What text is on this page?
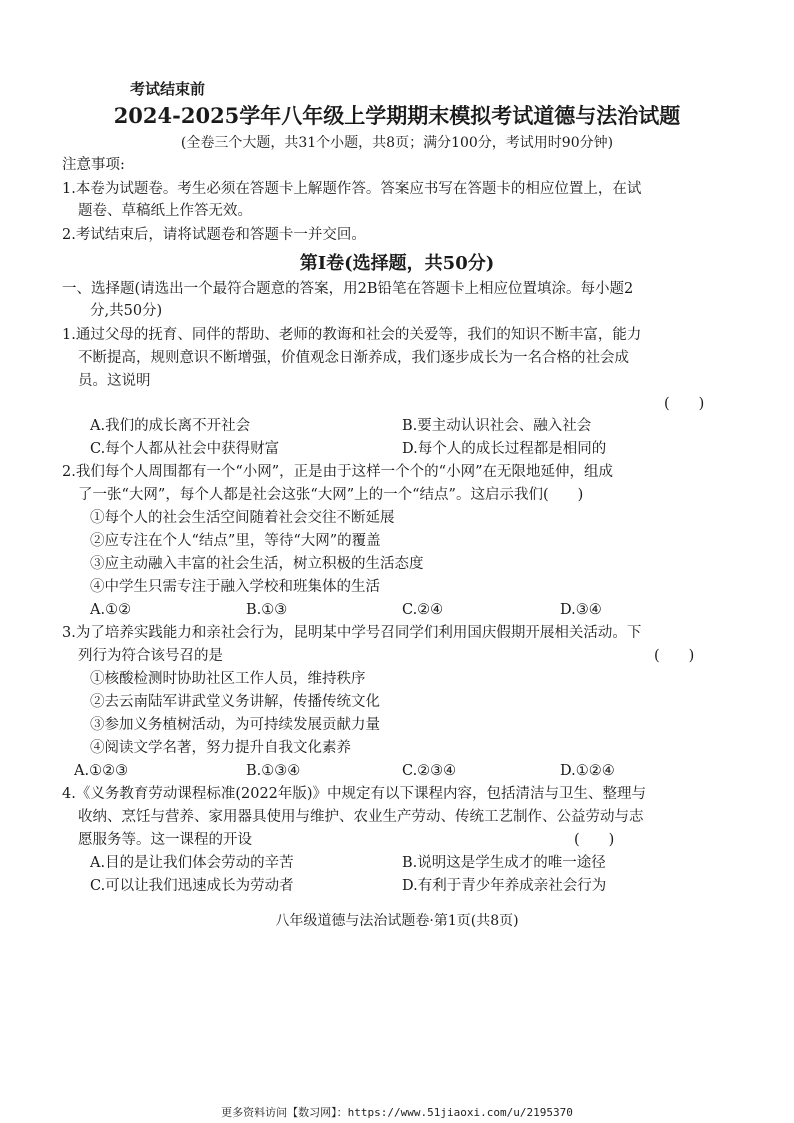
考试结束前
2024-2025学年八年级上学期期末模拟考试道德与法治试题
(全卷三个大题，共31个小题，共8页；满分100分，考试用时90分钟)
注意事项:
1.本卷为试题卷。考生必须在答题卡上解题作答。答案应书写在答题卡的相应位置上，在试
题卷、草稿纸上作答无效。
2.考试结束后，请将试题卷和答题卡一并交回。
第Ⅰ卷(选择题，共50分)
一、选择题(请选出一个最符合题意的答案，用2B铅笔在答题卡上相应位置填涂。每小题2
分,共50分)
1.通过父母的抚育、同伴的帮助、老师的教诲和社会的关爱等，我们的知识不断丰富，能力
不断提高，规则意识不断增强，价值观念日渐养成，我们逐步成长为一名合格的社会成
员。这说明
(　　)
A.我们的成长离不开社会	B.要主动认识社会、融入社会
C.每个人都从社会中获得财富	D.每个人的成长过程都是相同的
2.我们每个人周围都有一个“小网”，正是由于这样一个个的“小网”在无限地延伸，组成
了一张“大网”，每个人都是社会这张“大网”上的一个“结点”。这启示我们(　　)
①每个人的社会生活空间随着社会交往不断延展
②应专注在个人“结点”里，等待“大网”的覆盖
③应主动融入丰富的社会生活，树立积极的生活态度
④中学生只需专注于融入学校和班集体的生活
A.①②	B.①③	C.②④	D.③④
3.为了培养实践能力和亲社会行为，昆明某中学号召同学们利用国庆假期开展相关活动。下
列行为符合该号召的是	(　　)
①核酸检测时协助社区工作人员，维持秩序
②去云南陆军讲武堂义务讲解，传播传统文化
③参加义务植树活动，为可持续发展贡献力量
④阅读文学名著，努力提升自我文化素养
A.①②③	B.①③④	C.②③④	D.①②④
4.《义务教育劳动课程标准(2022年版)》中规定有以下课程内容，包括清洁与卫生、整理与
收纳、烹饪与营养、家用器具使用与维护、农业生产劳动、传统工艺制作、公益劳动与志
愿服务等。这一课程的开设	(　　)
A.目的是让我们体会劳动的辛苦	B.说明这是学生成才的唯一途径
C.可以让我们迅速成长为劳动者	D.有利于青少年养成亲社会行为
八年级道德与法治试题卷·第1页(共8页)
更多资料访问【数习网】：https://www.51jiaoxi.com/u/2195370
